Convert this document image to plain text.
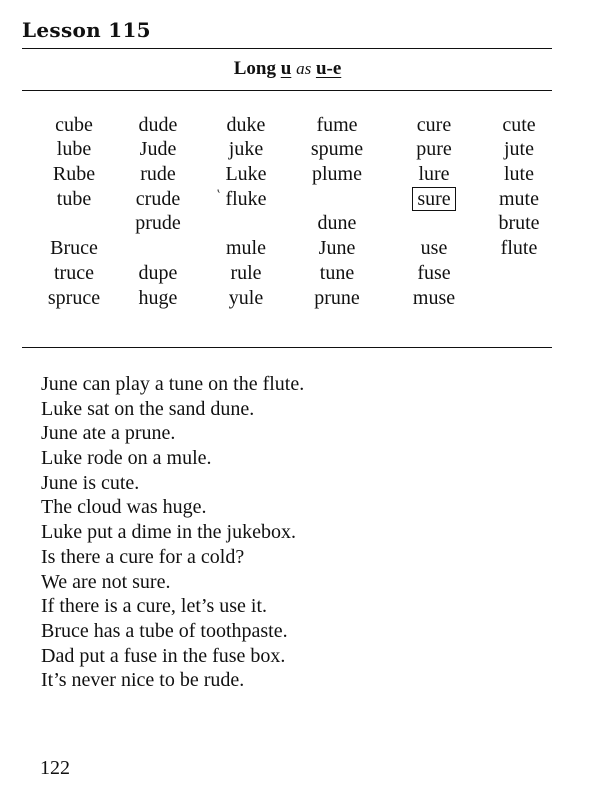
Lesson 115
Long u as u-e
cube
lube
Rube
tube
Bruce
truce
spruce
dude
Jude
rude
crude
prude
dupe
huge
duke
juke
Luke
fluke
mule
rule
yule
fume
spume
plume
dune
June
tune
prune
cure
pure
lure
sure
use
fuse
muse
cute
jute
lute
mute
brute
flute
ʽ
June can play a tune on the flute.
Luke sat on the sand dune.
June ate a prune.
Luke rode on a mule.
June is cute.
The cloud was huge.
Luke put a dime in the jukebox.
Is there a cure for a cold?
We are not sure.
If there is a cure, let’s use it.
Bruce has a tube of toothpaste.
Dad put a fuse in the fuse box.
It’s never nice to be rude.
122
